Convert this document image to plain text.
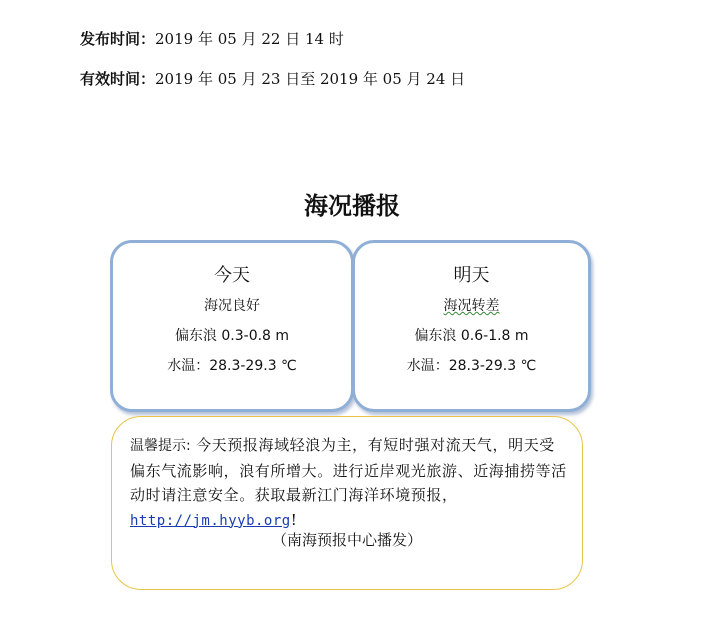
发布时间：2019 年 05 月 22 日 14 时
有效时间：2019 年 05 月 23 日至 2019 年 05 月 24 日
海况播报
今天
海况良好
偏东浪 0.3-0.8 m
水温：28.3-29.3 ℃
明天
海况转差
偏东浪 0.6-1.8 m
水温：28.3-29.3 ℃
温馨提示: 今天预报海域轻浪为主，有短时强对流天气，明天受偏东气流影响，浪有所增大。进行近岸观光旅游、近海捕捞等活动时请注意安全。获取最新江门海洋环境预报，http://jm.hyyb.org!
（南海预报中心播发）
